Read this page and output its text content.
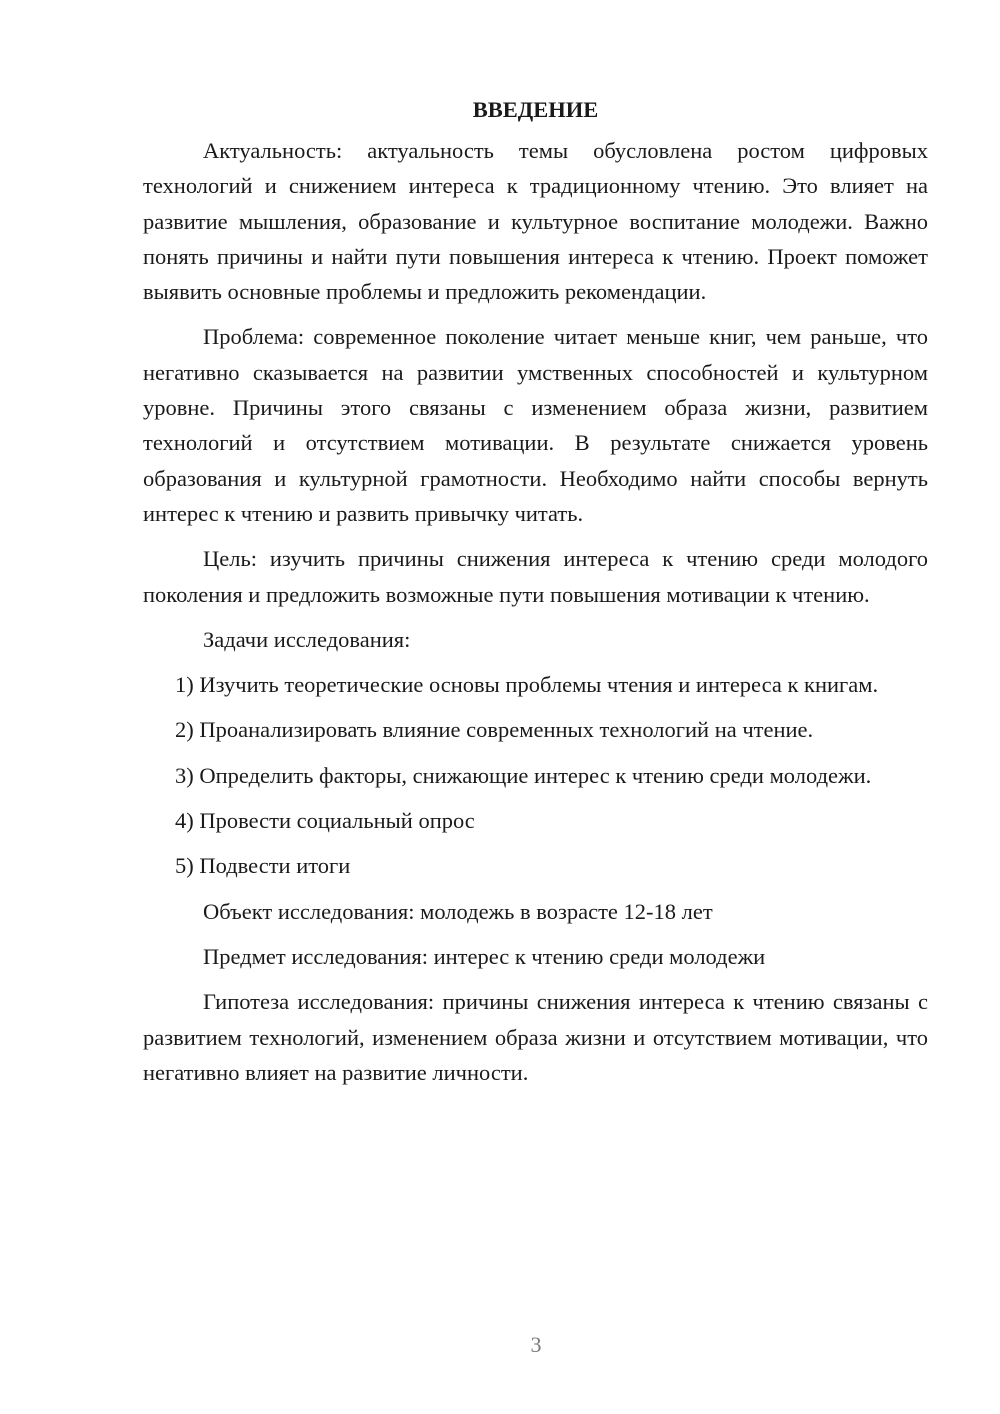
ВВЕДЕНИЕ

Актуальность: актуальность темы обусловлена ростом цифровых технологий и снижением интереса к традиционному чтению. Это влияет на развитие мышления, образование и культурное воспитание молодежи. Важно понять причины и найти пути повышения интереса к чтению. Проект поможет выявить основные проблемы и предложить рекомендации.

Проблема: современное поколение читает меньше книг, чем раньше, что негативно сказывается на развитии умственных способностей и культурном уровне. Причины этого связаны с изменением образа жизни, развитием технологий и отсутствием мотивации. В результате снижается уровень образования и культурной грамотности. Необходимо найти способы вернуть интерес к чтению и развить привычку читать.

Цель: изучить причины снижения интереса к чтению среди молодого поколения и предложить возможные пути повышения мотивации к чтению.

Задачи исследования:

1) Изучить теоретические основы проблемы чтения и интереса к книгам.

2) Проанализировать влияние современных технологий на чтение.

3) Определить факторы, снижающие интерес к чтению среди молодежи.

4) Провести социальный опрос

5) Подвести итоги

Объект исследования: молодежь в возрасте 12-18 лет

Предмет исследования: интерес к чтению среди молодежи

Гипотеза исследования: причины снижения интереса к чтению связаны с развитием технологий, изменением образа жизни и отсутствием мотивации, что негативно влияет на развитие личности.

3
